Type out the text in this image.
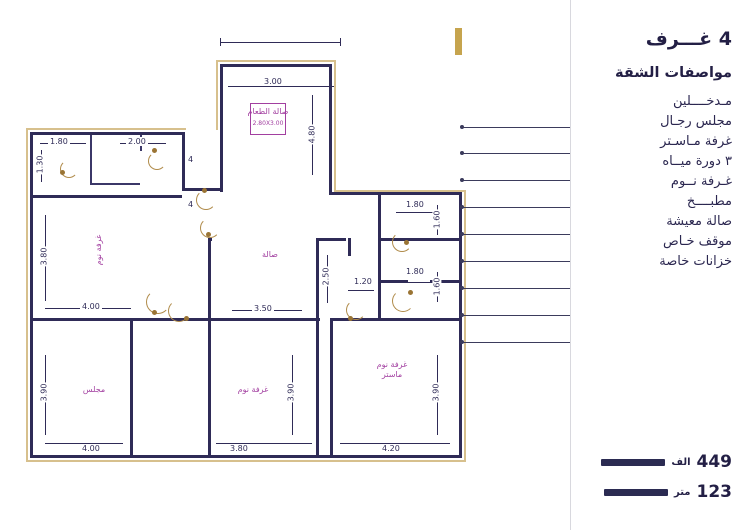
3.00
صالة الطعام
2.80X3.00
غرفة نوم	صالة
مجلس	غرفة نوم
غرفة نوم ماستر
1.80	2.00
1.30
3.80
4.00
4.80
3.50
2.50	1.20
1.80
1.60
1.80
1.60
3.90
4.00
3.90
3.80
3.90
4.20
4
4
4 غـــرف
مواصفات الشقة
مـدخــــلين
مجلس رجـال
غرفة مـاسـتر
٣ دورة ميــاه
غـرفة نــوم
مطبــــخ
صالة معيشة
موقف خـاص
خزانات خاصة
449
الف
123
متر
